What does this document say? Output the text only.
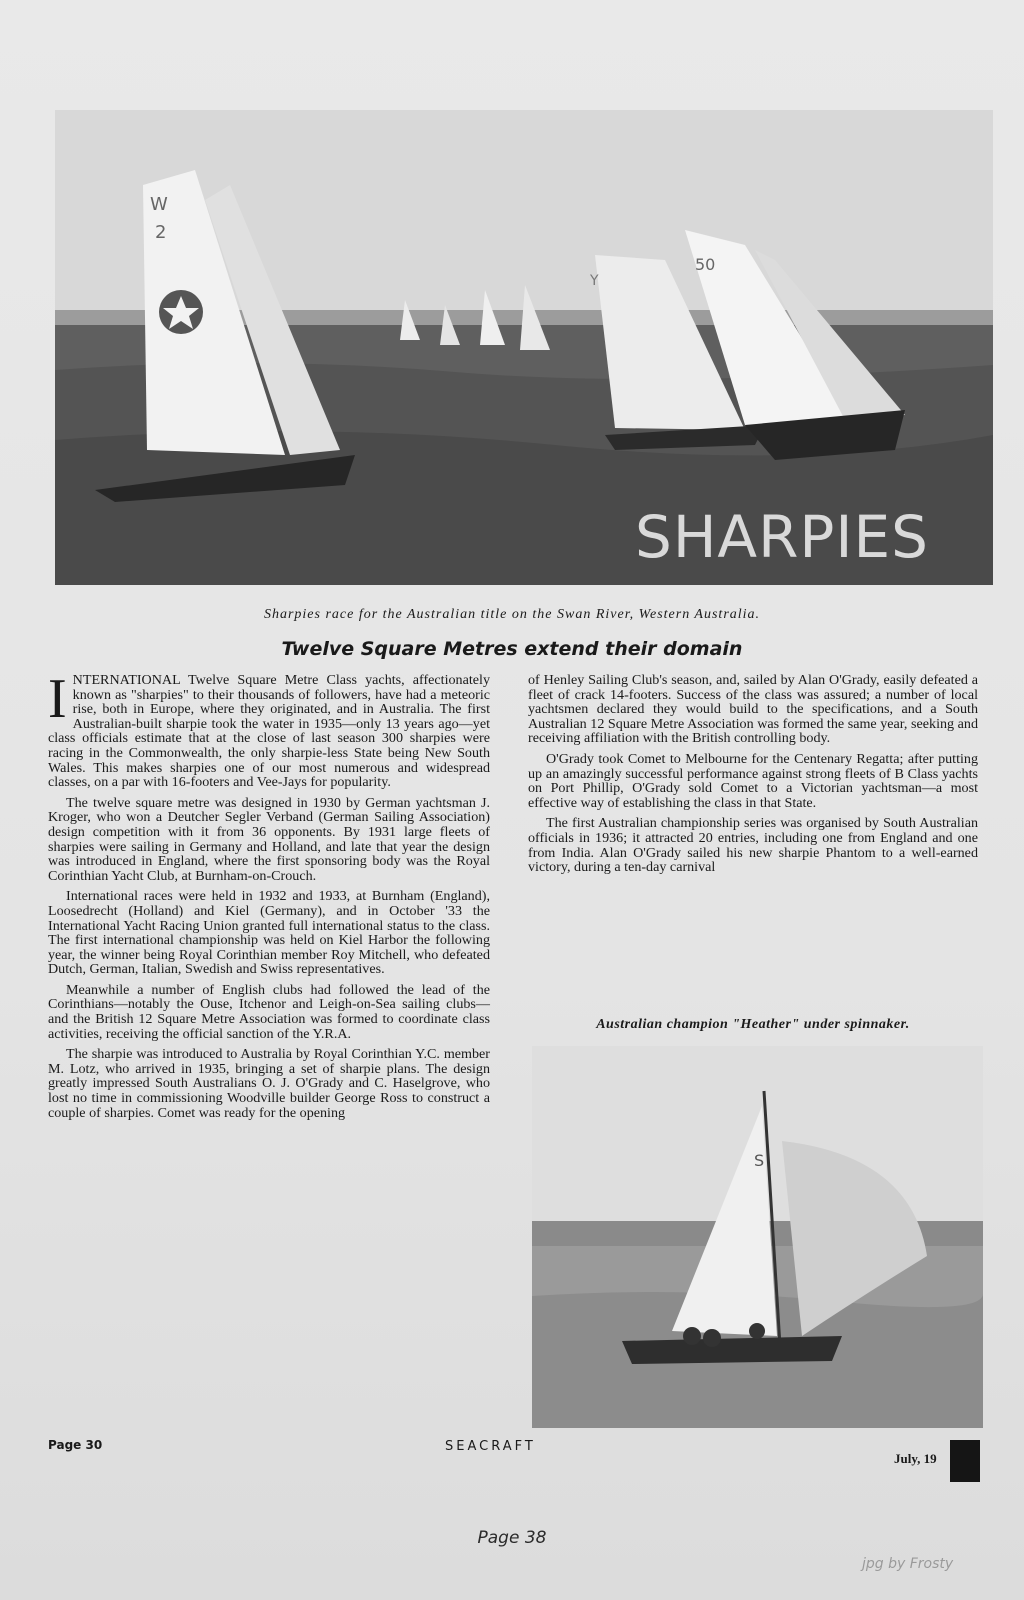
W
2
50
Y
SHARPIES
Sharpies race for the Australian title on the Swan River, Western Australia.
Twelve Square Metres extend their domain

INTERNATIONAL Twelve Square Metre Class yachts, affectionately known as "sharpies" to their thousands of followers, have had a meteoric rise, both in Europe, where they originated, and in Australia. The first Australian-built sharpie took the water in 1935—only 13 years ago—yet class officials estimate that at the close of last season 300 sharpies were racing in the Commonwealth, the only sharpie-less State being New South Wales. This makes sharpies one of our most numerous and widespread classes, on a par with 16-footers and Vee-Jays for popularity.

The twelve square metre was designed in 1930 by German yachtsman J. Kroger, who won a Deutcher Segler Verband (German Sailing Association) design competition with it from 36 opponents. By 1931 large fleets of sharpies were sailing in Germany and Holland, and late that year the design was introduced in England, where the first sponsoring body was the Royal Corinthian Yacht Club, at Burnham-on-Crouch.

International races were held in 1932 and 1933, at Burnham (England), Loosedrecht (Holland) and Kiel (Germany), and in October '33 the International Yacht Racing Union granted full international status to the class. The first international championship was held on Kiel Harbor the following year, the winner being Royal Corinthian member Roy Mitchell, who defeated Dutch, German, Italian, Swedish and Swiss representatives.

Meanwhile a number of English clubs had followed the lead of the Corinthians—notably the Ouse, Itchenor and Leigh-on-Sea sailing clubs—and the British 12 Square Metre Association was formed to coordinate class activities, receiving the official sanction of the Y.R.A.

The sharpie was introduced to Australia by Royal Corinthian Y.C. member M. Lotz, who arrived in 1935, bringing a set of sharpie plans. The design greatly impressed South Australians O. J. O'Grady and C. Haselgrove, who lost no time in commissioning Woodville builder George Ross to construct a couple of sharpies. Comet was ready for the opening

of Henley Sailing Club's season, and, sailed by Alan O'Grady, easily defeated a fleet of crack 14-footers. Success of the class was assured; a number of local yachtsmen declared they would build to the specifications, and a South Australian 12 Square Metre Association was formed the same year, seeking and receiving affiliation with the British controlling body.

O'Grady took Comet to Melbourne for the Centenary Regatta; after putting up an amazingly successful performance against strong fleets of B Class yachts on Port Phillip, O'Grady sold Comet to a Victorian yachtsman—a most effective way of establishing the class in that State.

The first Australian championship series was organised by South Australian officials in 1936; it attracted 20 entries, including one from England and one from India. Alan O'Grady sailed his new sharpie Phantom to a well-earned victory, during a ten-day carnival

Australian champion "Heather" under spinnaker.
S
Page 30	SEACRAFT
July, 19
Page 38
jpg by Frosty
